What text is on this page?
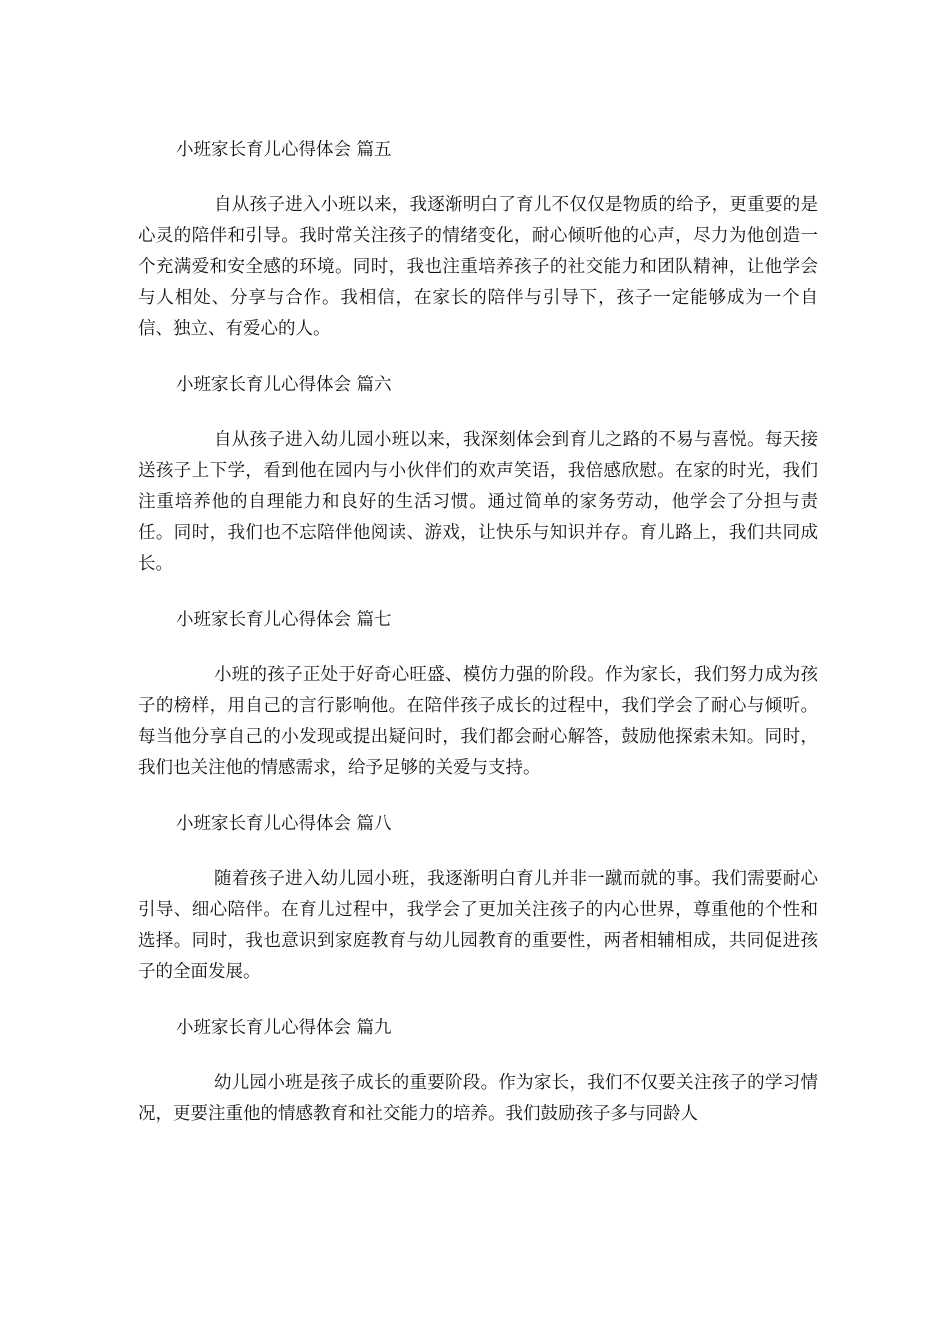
小班家长育儿心得体会 篇五

自从孩子进入小班以来，我逐渐明白了育儿不仅仅是物质的给予，更重要的是心灵的陪伴和引导。我时常关注孩子的情绪变化，耐心倾听他的心声，尽力为他创造一个充满爱和安全感的环境。同时，我也注重培养孩子的社交能力和团队精神，让他学会与人相处、分享与合作。我相信，在家长的陪伴与引导下，孩子一定能够成为一个自信、独立、有爱心的人。

小班家长育儿心得体会 篇六

自从孩子进入幼儿园小班以来，我深刻体会到育儿之路的不易与喜悦。每天接送孩子上下学，看到他在园内与小伙伴们的欢声笑语，我倍感欣慰。在家的时光，我们注重培养他的自理能力和良好的生活习惯。通过简单的家务劳动，他学会了分担与责任。同时，我们也不忘陪伴他阅读、游戏，让快乐与知识并存。育儿路上，我们共同成长。

小班家长育儿心得体会 篇七

小班的孩子正处于好奇心旺盛、模仿力强的阶段。作为家长，我们努力成为孩子的榜样，用自己的言行影响他。在陪伴孩子成长的过程中，我们学会了耐心与倾听。每当他分享自己的小发现或提出疑问时，我们都会耐心解答，鼓励他探索未知。同时，我们也关注他的情感需求，给予足够的关爱与支持。

小班家长育儿心得体会 篇八

随着孩子进入幼儿园小班，我逐渐明白育儿并非一蹴而就的事。我们需要耐心引导、细心陪伴。在育儿过程中，我学会了更加关注孩子的内心世界，尊重他的个性和选择。同时，我也意识到家庭教育与幼儿园教育的重要性，两者相辅相成，共同促进孩子的全面发展。

小班家长育儿心得体会 篇九

幼儿园小班是孩子成长的重要阶段。作为家长，我们不仅要关注孩子的学习情况，更要注重他的情感教育和社交能力的培养。我们鼓励孩子多与同龄人
